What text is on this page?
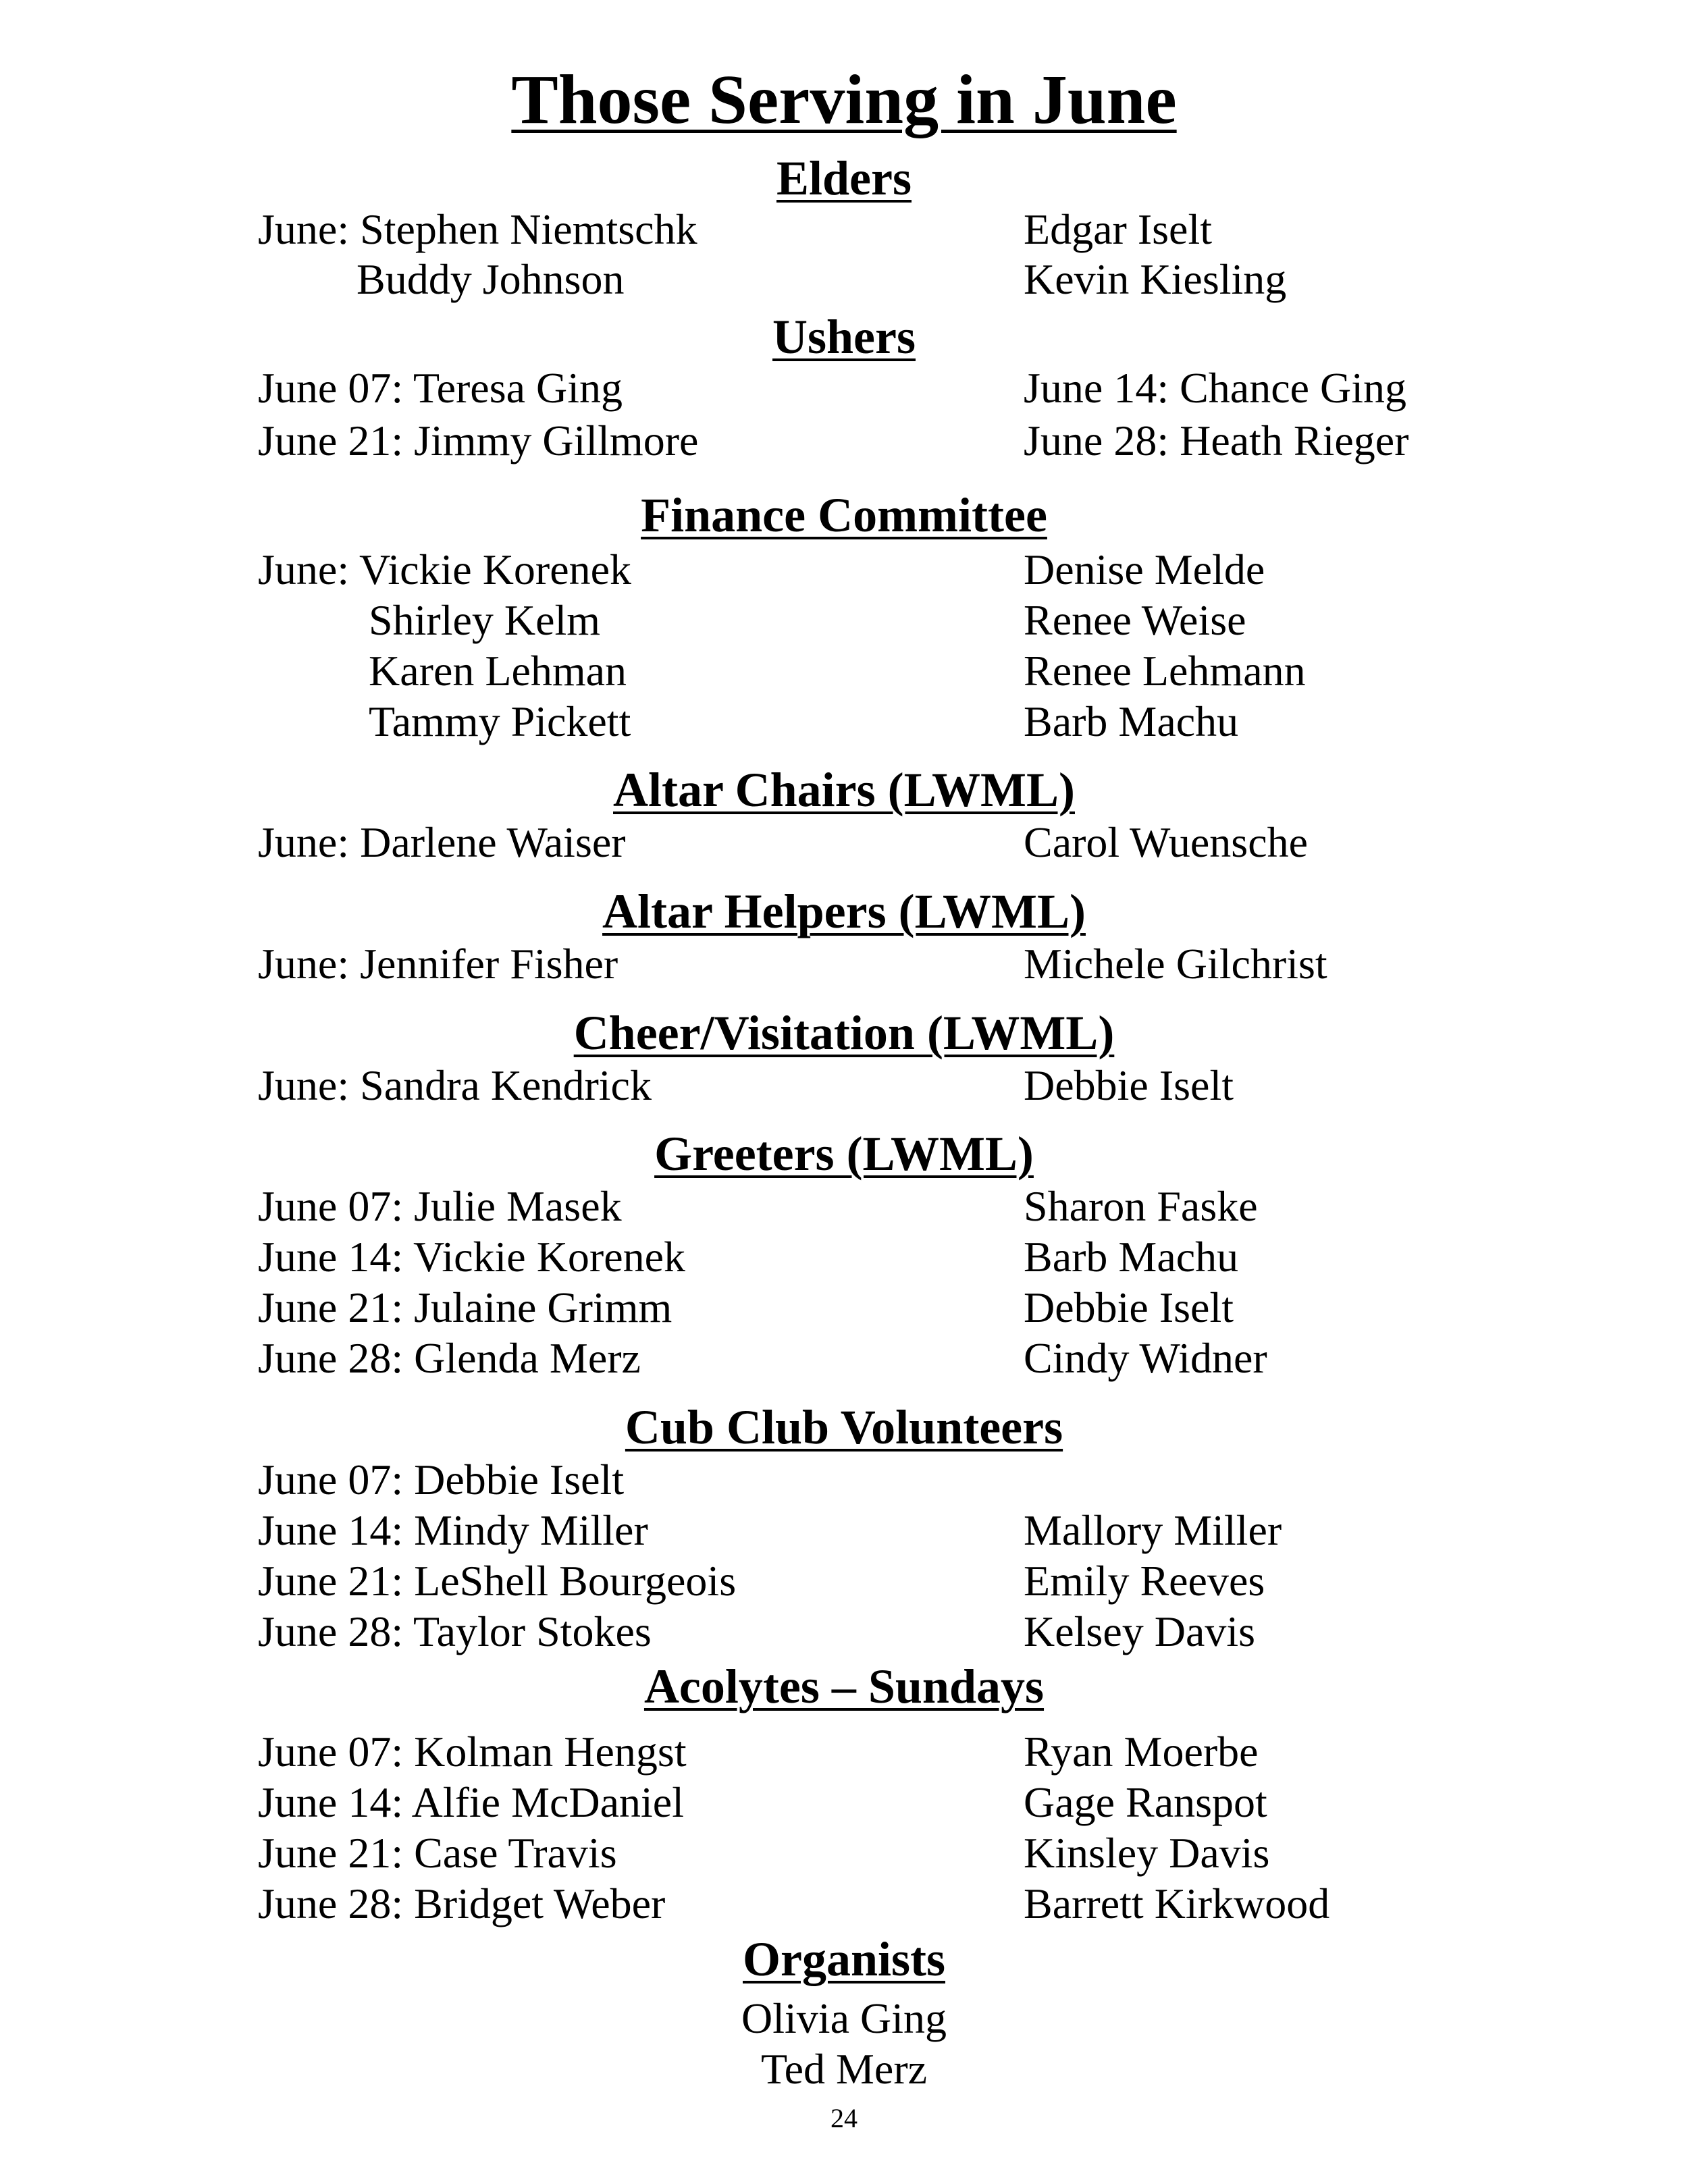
Those Serving in June
Elders
June: Stephen Niemtschk	Edgar Iselt
Buddy Johnson	Kevin Kiesling
Ushers
June 07: Teresa Ging	June 14: Chance Ging
June 21: Jimmy Gillmore	June 28: Heath Rieger
Finance Committee
June: Vickie Korenek	Denise Melde
Shirley Kelm	Renee Weise
Karen Lehman	Renee Lehmann
Tammy Pickett	Barb Machu
Altar Chairs (LWML)
June: Darlene Waiser	Carol Wuensche
Altar Helpers (LWML)
June: Jennifer Fisher	Michele Gilchrist
Cheer/Visitation (LWML)
June: Sandra Kendrick	Debbie Iselt
Greeters (LWML)
June 07: Julie Masek	Sharon Faske
June 14: Vickie Korenek	Barb Machu
June 21: Julaine Grimm	Debbie Iselt
June 28: Glenda Merz	Cindy Widner
Cub Club Volunteers
June 07: Debbie Iselt
June 14: Mindy Miller	Mallory Miller
June 21: LeShell Bourgeois	Emily Reeves
June 28: Taylor Stokes	Kelsey Davis
Acolytes – Sundays
June 07: Kolman Hengst	Ryan Moerbe
June 14: Alfie McDaniel	Gage Ranspot
June 21: Case Travis	Kinsley Davis
June 28: Bridget Weber	Barrett Kirkwood
Organists
Olivia Ging
Ted Merz
24
